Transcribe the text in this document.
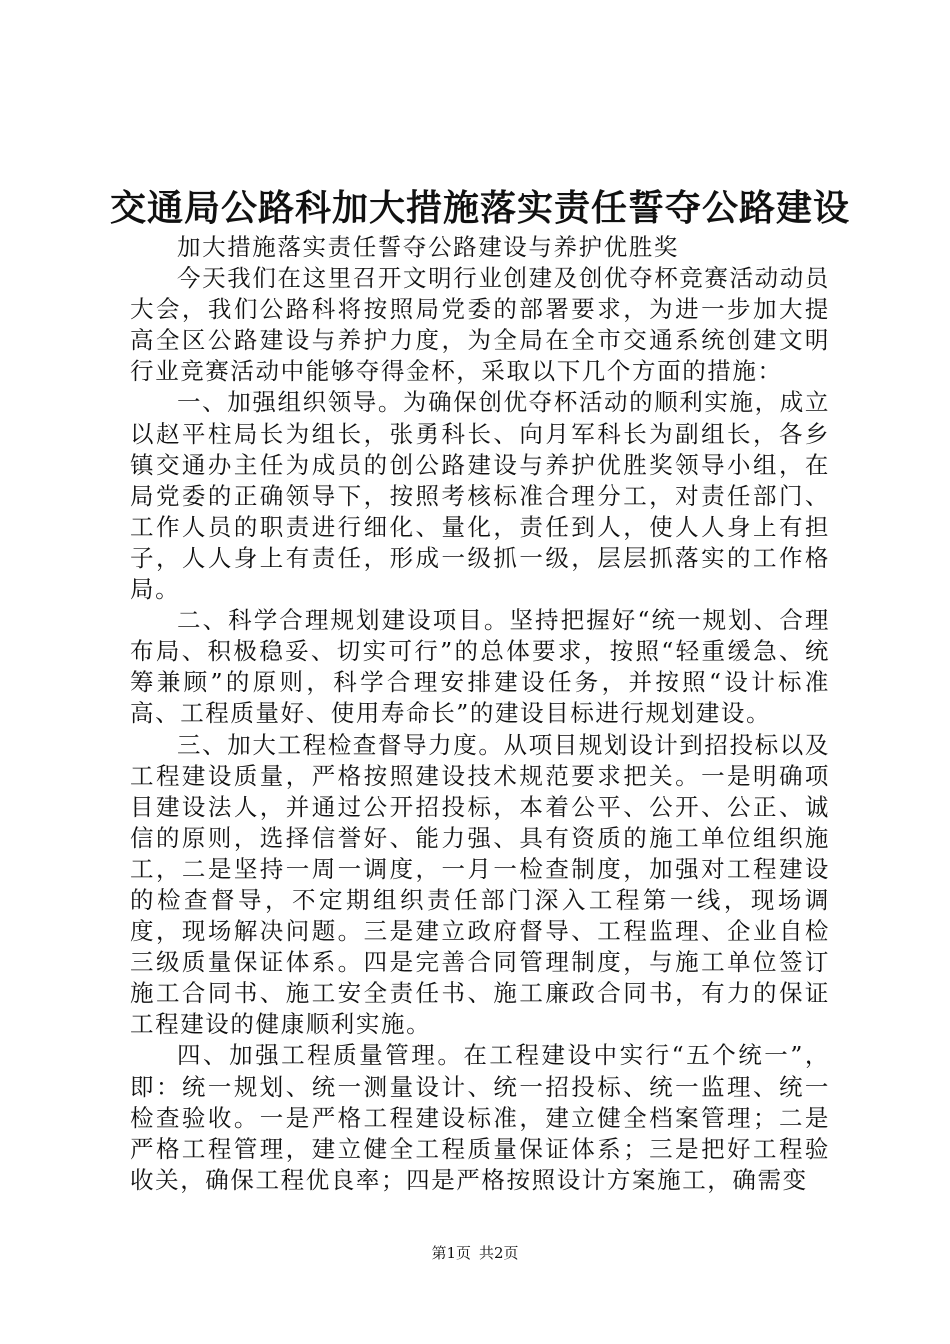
交通局公路科加大措施落实责任誓夺公路建设

加大措施落实责任誓夺公路建设与养护优胜奖

今天我们在这里召开文明行业创建及创优夺杯竞赛活动动员大会，我们公路科将按照局党委的部署要求，为进一步加大提高全区公路建设与养护力度，为全局在全市交通系统创建文明行业竞赛活动中能够夺得金杯，采取以下几个方面的措施：

一、加强组织领导。为确保创优夺杯活动的顺利实施，成立以赵平柱局长为组长，张勇科长、向月军科长为副组长，各乡镇交通办主任为成员的创公路建设与养护优胜奖领导小组，在局党委的正确领导下，按照考核标准合理分工，对责任部门、工作人员的职责进行细化、量化，责任到人，使人人身上有担子，人人身上有责任，形成一级抓一级，层层抓落实的工作格局。

二、科学合理规划建设项目。坚持把握好“统一规划、合理布局、积极稳妥、切实可行”的总体要求，按照“轻重缓急、统筹兼顾”的原则，科学合理安排建设任务，并按照“设计标准高、工程质量好、使用寿命长”的建设目标进行规划建设。

三、加大工程检查督导力度。从项目规划设计到招投标以及工程建设质量，严格按照建设技术规范要求把关。一是明确项目建设法人，并通过公开招投标，本着公平、公开、公正、诚信的原则，选择信誉好、能力强、具有资质的施工单位组织施工，二是坚持一周一调度，一月一检查制度，加强对工程建设的检查督导，不定期组织责任部门深入工程第一线，现场调度，现场解决问题。三是建立政府督导、工程监理、企业自检三级质量保证体系。四是完善合同管理制度，与施工单位签订施工合同书、施工安全责任书、施工廉政合同书，有力的保证工程建设的健康顺利实施。

四、加强工程质量管理。在工程建设中实行“五个统一”，即：统一规划、统一测量设计、统一招投标、统一监理、统一检查验收。一是严格工程建设标准，建立健全档案管理；二是严格工程管理，建立健全工程质量保证体系；三是把好工程验收关，确保工程优良率；四是严格按照设计方案施工，确需变

第1页 共2页
